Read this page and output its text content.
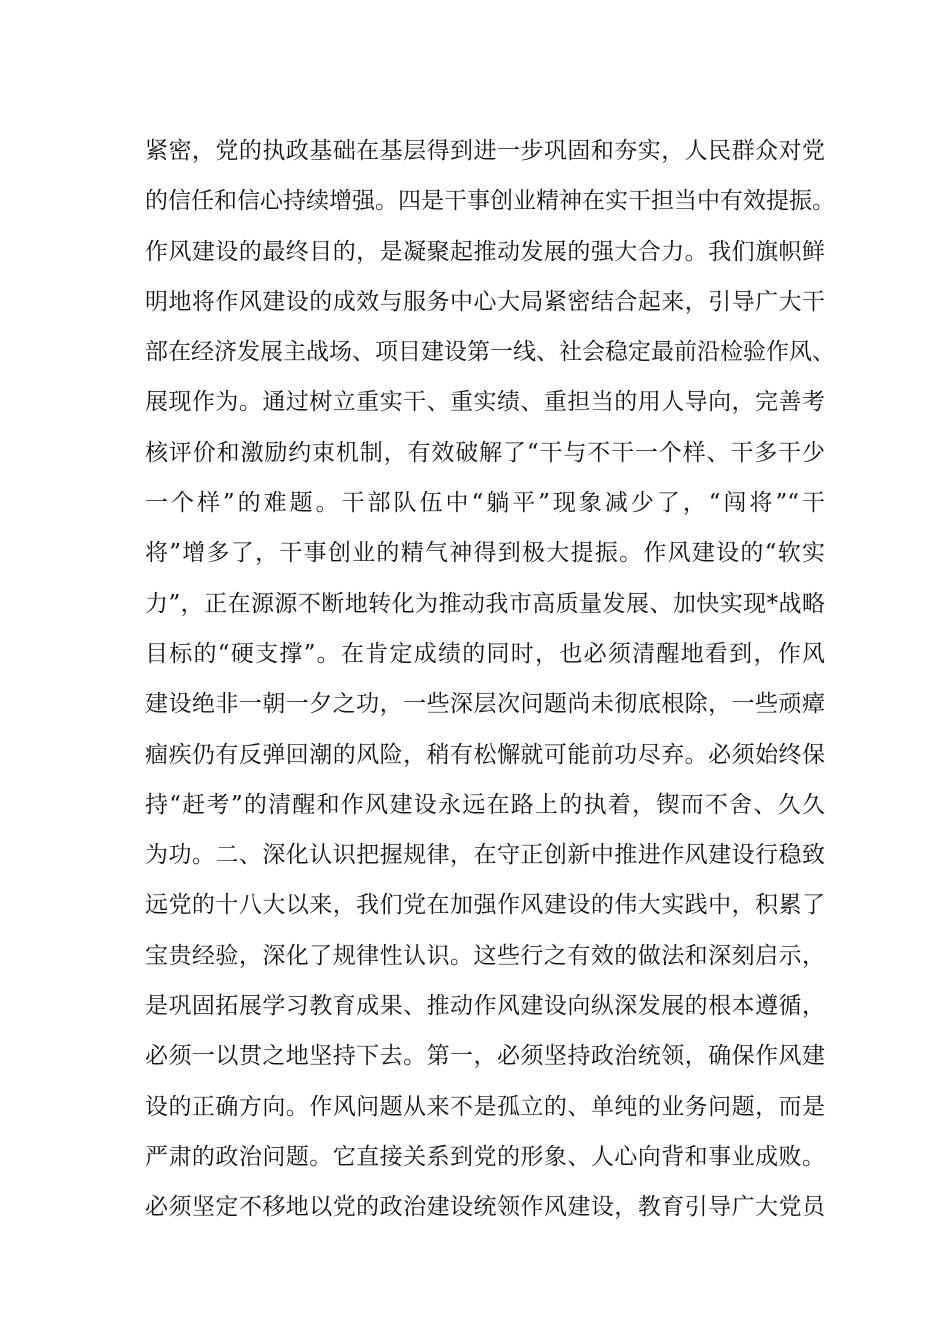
紧密，党的执政基础在基层得到进一步巩固和夯实，人民群众对党
的信任和信心持续增强。四是干事创业精神在实干担当中有效提振。
作风建设的最终目的，是凝聚起推动发展的强大合力。我们旗帜鲜
明地将作风建设的成效与服务中心大局紧密结合起来，引导广大干
部在经济发展主战场、项目建设第一线、社会稳定最前沿检验作风、
展现作为。通过树立重实干、重实绩、重担当的用人导向，完善考
核评价和激励约束机制，有效破解了“干与不干一个样、干多干少
一个样”的难题。干部队伍中“躺平”现象减少了，“闯将”“干
将”增多了，干事创业的精气神得到极大提振。作风建设的“软实
力”，正在源源不断地转化为推动我市高质量发展、加快实现*战略
目标的“硬支撑”。在肯定成绩的同时，也必须清醒地看到，作风
建设绝非一朝一夕之功，一些深层次问题尚未彻底根除，一些顽瘴
痼疾仍有反弹回潮的风险，稍有松懈就可能前功尽弃。必须始终保
持“赶考”的清醒和作风建设永远在路上的执着，锲而不舍、久久
为功。二、深化认识把握规律，在守正创新中推进作风建设行稳致
远党的十八大以来，我们党在加强作风建设的伟大实践中，积累了
宝贵经验，深化了规律性认识。这些行之有效的做法和深刻启示，
是巩固拓展学习教育成果、推动作风建设向纵深发展的根本遵循，
必须一以贯之地坚持下去。第一，必须坚持政治统领，确保作风建
设的正确方向。作风问题从来不是孤立的、单纯的业务问题，而是
严肃的政治问题。它直接关系到党的形象、人心向背和事业成败。
必须坚定不移地以党的政治建设统领作风建设，教育引导广大党员
